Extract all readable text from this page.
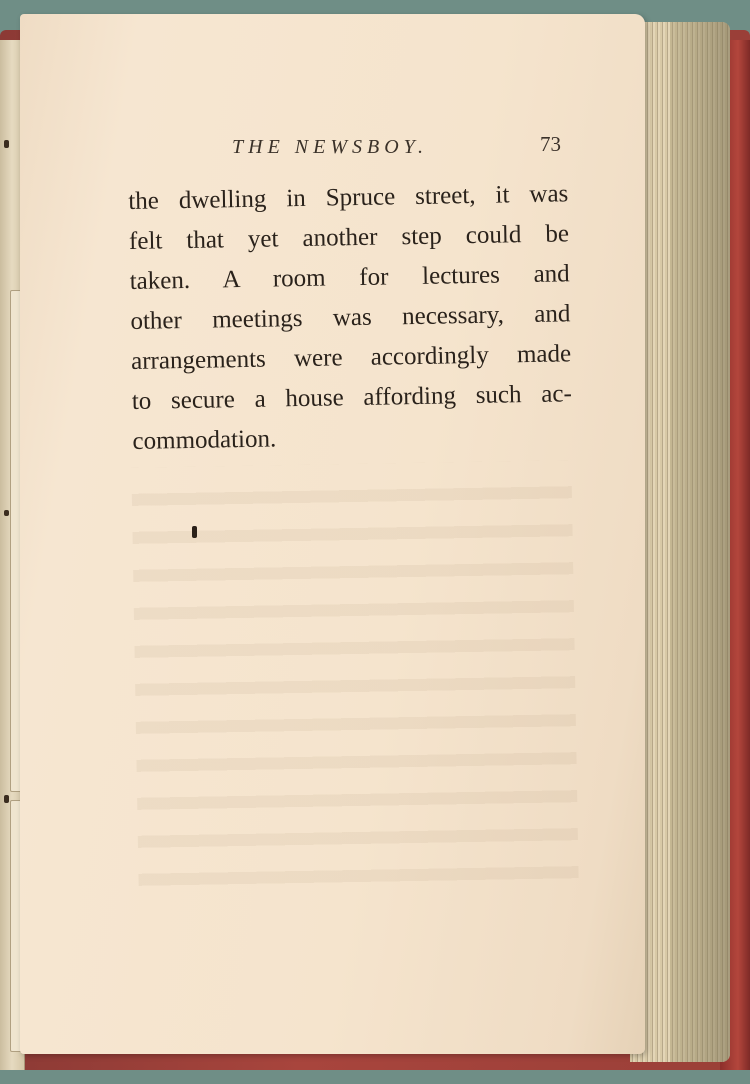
THE NEWSBOY.	73
the dwelling in Spruce street, it was
felt that yet another step could be
taken. A room for lectures and
other meetings was necessary, and
arrangements were accordingly made
to secure a house affording such ac-
commodation.
